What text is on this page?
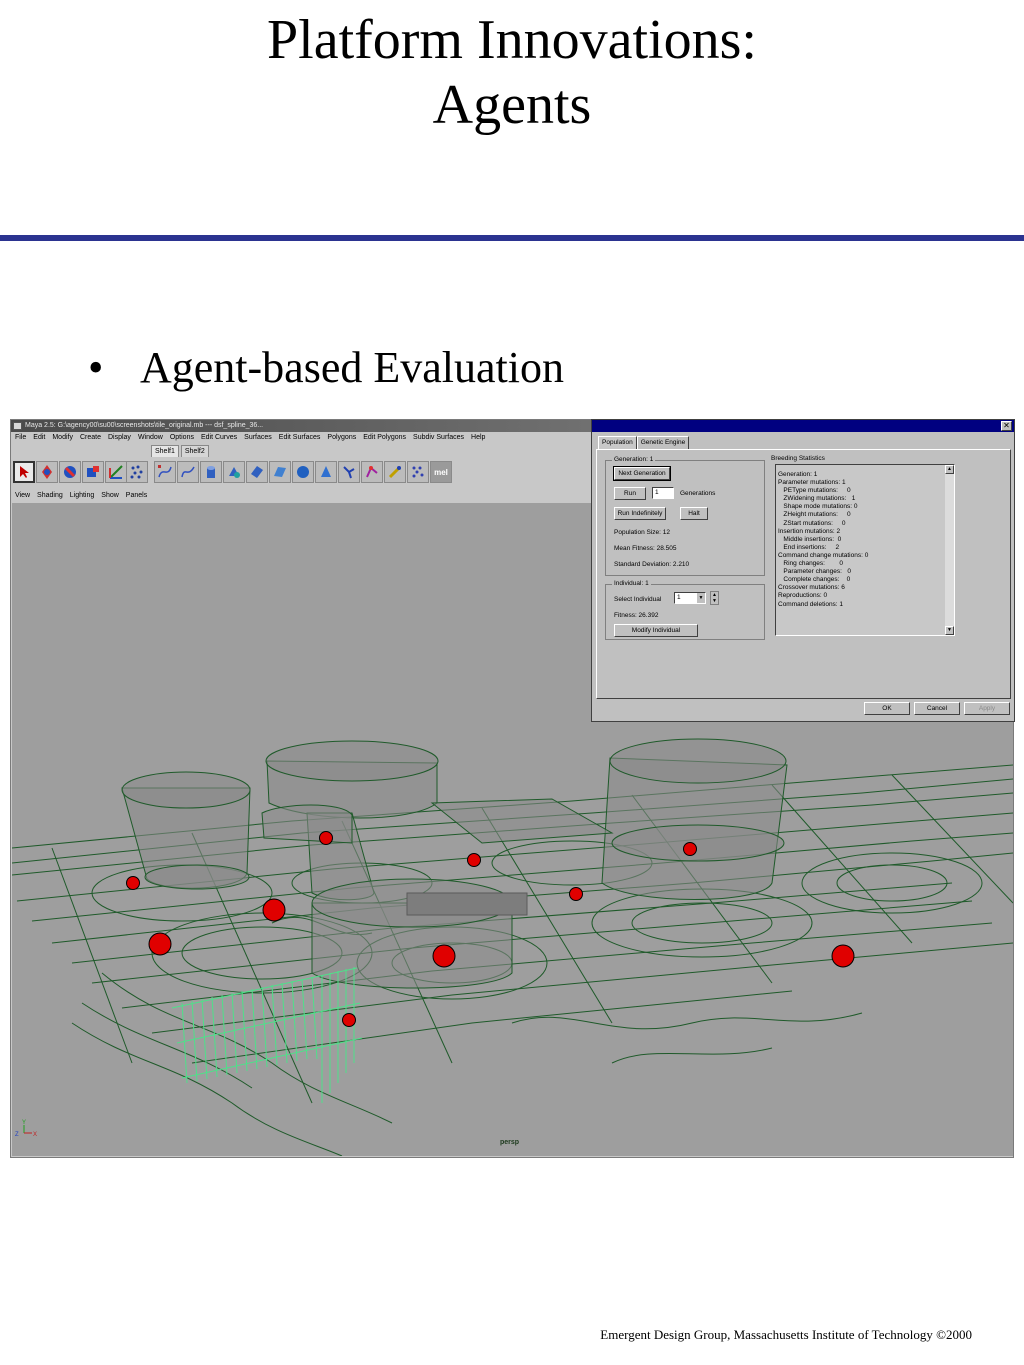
Platform Innovations:
Agents
• Agent-based Evaluation
Maya 2.5: G:\agency00\su00\screenshots\tile_original.mb --- dsf_spline_36...
File Edit Modify Create Display Window Options Edit Curves Surfaces Edit Surfaces Polygons Edit Polygons Subdiv Surfaces Help
Shelf1 Shelf2
mel
View Shading Lighting Show Panels
Y
Z X
persp
✕
Population Genetic Engine
Generation: 1
Next Generation
Run	1	Generations
Run Indefinitely	Halt
Population Size: 12
Mean Fitness: 28.505
Standard Deviation: 2.210
Individual: 1
Select Individual	1	▼	▲
▼
Fitness: 26.392
Modify Individual
Breeding Statistics
Generation: 1
Parameter mutations: 1
PEType mutations:     0
ZWidening mutations:   1
Shape mode mutations: 0
ZHeight mutations:     0
ZStart mutations:     0
Insertion mutations: 2
Middle insertions:  0
End insertions:     2
Command change mutations: 0
Ring changes:        0
Parameter changes:   0
Complete changes:    0
Crossover mutations: 6
Reproductions: 0
Command deletions: 1
▲
▼
OK	Cancel	Apply
Emergent Design Group, Massachusetts Institute of Technology ©2000
